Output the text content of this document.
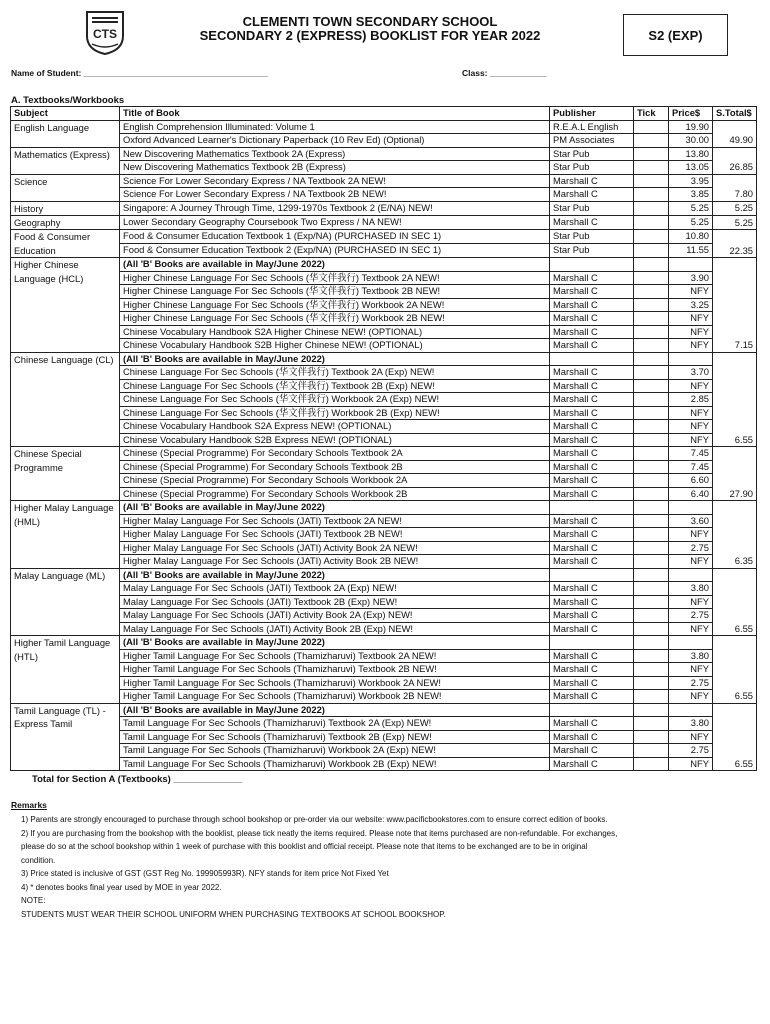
CTS
CLEMENTI TOWN SECONDARY SCHOOL
SECONDARY 2 (EXPRESS) BOOKLIST FOR YEAR 2022	S2 (EXP)
Name of Student: _______________________________________	Class: ____________
A. Textbooks/Workbooks
Subject	Title of Book	Publisher	Tick	Price$	S.Total$
English Language	English Comprehension Illuminated: Volume 1	R.E.A.L English		19.90	49.90
	Oxford Advanced Learner's Dictionary Paperback (10 Rev Ed) (Optional)	PM Associates		30.00	
Mathematics (Express)	New Discovering Mathematics Textbook 2A (Express)	Star Pub		13.80	26.85
	New Discovering Mathematics Textbook 2B (Express)	Star Pub		13.05	
Science	Science For Lower Secondary Express / NA Textbook 2A NEW!	Marshall C		3.95	7.80
	Science For Lower Secondary Express / NA Textbook 2B NEW!	Marshall C		3.85	
History	Singapore: A Journey Through Time, 1299-1970s Textbook 2 (E/NA) NEW!	Star Pub		5.25	5.25
Geography	Lower Secondary Geography Coursebook Two Express / NA NEW!	Marshall C		5.25	5.25
Food & Consumer Education	Food & Consumer Education Textbook 1 (Exp/NA) (PURCHASED IN SEC 1)	Star Pub		10.80	22.35
	Food & Consumer Education Textbook 2 (Exp/NA) (PURCHASED IN SEC 1)	Star Pub		11.55	
Higher Chinese Language (HCL)	(All 'B' Books are available in May/June 2022)				7.15
	Higher Chinese Language For Sec Schools (华文伴我行) Textbook 2A NEW!	Marshall C		3.90	
	Higher Chinese Language For Sec Schools (华文伴我行) Textbook 2B NEW!	Marshall C		NFY	
	Higher Chinese Language For Sec Schools (华文伴我行) Workbook 2A NEW!	Marshall C		3.25	
	Higher Chinese Language For Sec Schools (华文伴我行) Workbook 2B NEW!	Marshall C		NFY	
	Chinese Vocabulary Handbook S2A Higher Chinese NEW! (OPTIONAL)	Marshall C		NFY	
	Chinese Vocabulary Handbook S2B Higher Chinese NEW! (OPTIONAL)	Marshall C		NFY	
Chinese Language (CL)	(All 'B' Books are available in May/June 2022)				6.55
	Chinese Language For Sec Schools (华文伴我行) Textbook 2A (Exp) NEW!	Marshall C		3.70	
	Chinese Language For Sec Schools (华文伴我行) Textbook 2B (Exp) NEW!	Marshall C		NFY	
	Chinese Language For Sec Schools (华文伴我行) Workbook 2A (Exp) NEW!	Marshall C		2.85	
	Chinese Language For Sec Schools (华文伴我行) Workbook 2B (Exp) NEW!	Marshall C		NFY	
	Chinese Vocabulary Handbook S2A Express NEW! (OPTIONAL)	Marshall C		NFY	
	Chinese Vocabulary Handbook S2B Express NEW! (OPTIONAL)	Marshall C		NFY	
Chinese Special Programme	Chinese (Special Programme) For Secondary Schools Textbook 2A	Marshall C		7.45	27.90
	Chinese (Special Programme) For Secondary Schools Textbook 2B	Marshall C		7.45	
	Chinese (Special Programme) For Secondary Schools Workbook 2A	Marshall C		6.60	
	Chinese (Special Programme) For Secondary Schools Workbook 2B	Marshall C		6.40	
Higher Malay Language (HML)	(All 'B' Books are available in May/June 2022)				6.35
	Higher Malay Language For Sec Schools (JATI) Textbook 2A NEW!	Marshall C		3.60	
	Higher Malay Language For Sec Schools (JATI) Textbook 2B NEW!	Marshall C		NFY	
	Higher Malay Language For Sec Schools (JATI) Activity Book 2A NEW!	Marshall C		2.75	
	Higher Malay Language For Sec Schools (JATI) Activity Book 2B NEW!	Marshall C		NFY	
Malay Language (ML)	(All 'B' Books are available in May/June 2022)				6.55
	Malay Language For Sec Schools (JATI) Textbook 2A (Exp) NEW!	Marshall C		3.80	
	Malay Language For Sec Schools (JATI) Textbook 2B (Exp) NEW!	Marshall C		NFY	
	Malay Language For Sec Schools (JATI) Activity Book 2A (Exp) NEW!	Marshall C		2.75	
	Malay Language For Sec Schools (JATI) Activity Book 2B (Exp) NEW!	Marshall C		NFY	
Higher Tamil Language (HTL)	(All 'B' Books are available in May/June 2022)				6.55
	Higher Tamil Language For Sec Schools (Thamizharuvi) Textbook 2A NEW!	Marshall C		3.80	
	Higher Tamil Language For Sec Schools (Thamizharuvi) Textbook 2B NEW!	Marshall C		NFY	
	Higher Tamil Language For Sec Schools (Thamizharuvi) Workbook 2A NEW!	Marshall C		2.75	
	Higher Tamil Language For Sec Schools (Thamizharuvi) Workbook 2B NEW!	Marshall C		NFY	
Tamil Language (TL) - Express Tamil	(All 'B' Books are available in May/June 2022)				6.55
	Tamil Language For Sec Schools (Thamizharuvi) Textbook 2A (Exp) NEW!	Marshall C		3.80	
	Tamil Language For Sec Schools (Thamizharuvi) Textbook 2B (Exp) NEW!	Marshall C		NFY	
	Tamil Language For Sec Schools (Thamizharuvi) Workbook 2A (Exp) NEW!	Marshall C		2.75	
	Tamil Language For Sec Schools (Thamizharuvi) Workbook 2B (Exp) NEW!	Marshall C		NFY	
Total for Section A (Textbooks) _____________
Remarks
1) Parents are strongly encouraged to purchase through school bookshop or pre-order via our website: www.pacificbookstores.com to ensure correct edition of books.
2) If you are purchasing from the bookshop with the booklist, please tick neatly the items required. Please note that items purchased are non-refundable. For exchanges,
please do so at the school bookshop within 1 week of purchase with this booklist and official receipt. Please note that items to be exchanged are to be in original
condition.
3) Price stated is inclusive of GST (GST Reg No. 199905993R). NFY stands for item price Not Fixed Yet
4) * denotes books final year used by MOE in year 2022.
NOTE:
STUDENTS MUST WEAR THEIR SCHOOL UNIFORM WHEN PURCHASING TEXTBOOKS AT SCHOOL BOOKSHOP.
